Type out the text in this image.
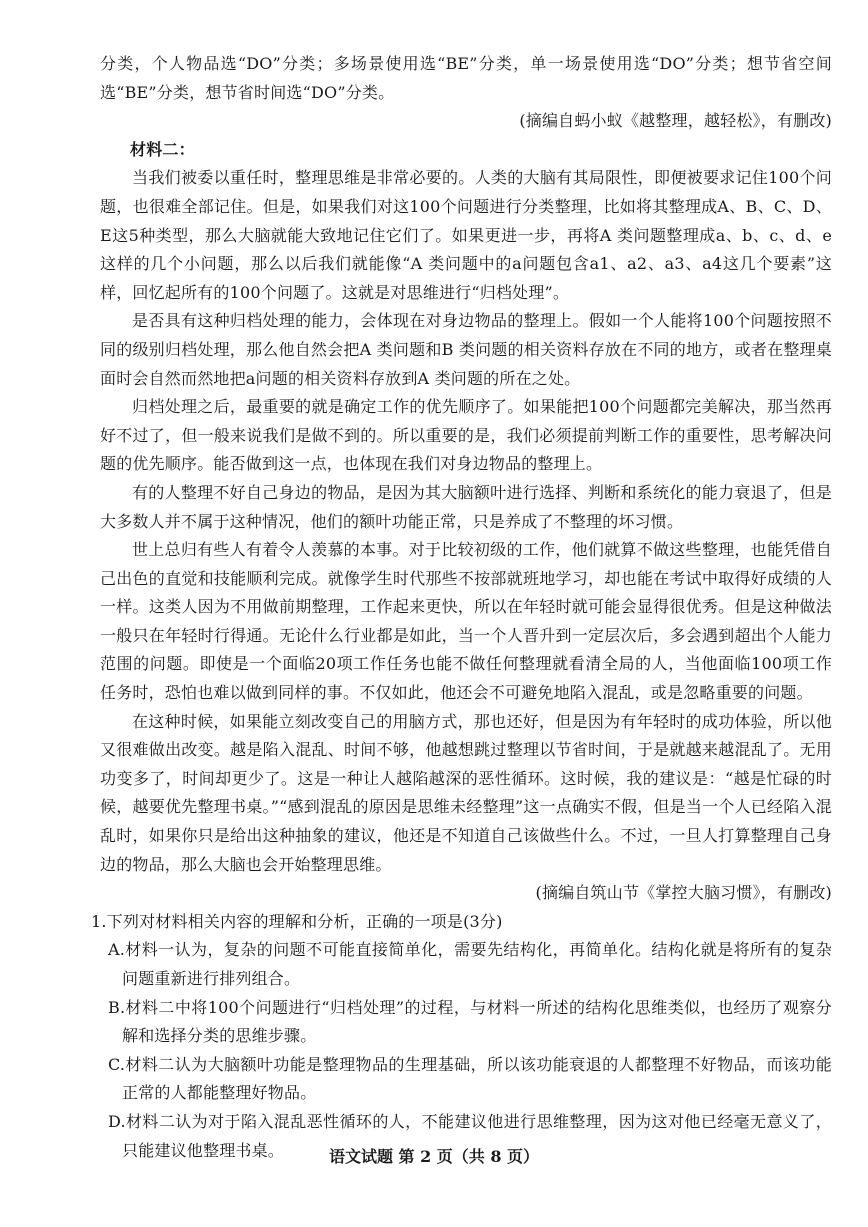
分类，个人物品选“DO”分类；多场景使用选“BE”分类，单一场景使用选“DO”分类；想节省空间选“BE”分类，想节省时间选“DO”分类。

(摘编自蚂小蚁《越整理，越轻松》，有删改)

材料二：

当我们被委以重任时，整理思维是非常必要的。人类的大脑有其局限性，即便被要求记住100个问题，也很难全部记住。但是，如果我们对这100个问题进行分类整理，比如将其整理成A、B、C、D、E这5种类型，那么大脑就能大致地记住它们了。如果更进一步，再将A 类问题整理成a、b、c、d、e这样的几个小问题，那么以后我们就能像“A 类问题中的a问题包含a1、a2、a3、a4这几个要素”这样，回忆起所有的100个问题了。这就是对思维进行“归档处理”。

是否具有这种归档处理的能力，会体现在对身边物品的整理上。假如一个人能将100个问题按照不同的级别归档处理，那么他自然会把A 类问题和B 类问题的相关资料存放在不同的地方，或者在整理桌面时会自然而然地把a问题的相关资料存放到A 类问题的所在之处。

归档处理之后，最重要的就是确定工作的优先顺序了。如果能把100个问题都完美解决，那当然再好不过了，但一般来说我们是做不到的。所以重要的是，我们必须提前判断工作的重要性，思考解决问题的优先顺序。能否做到这一点，也体现在我们对身边物品的整理上。

有的人整理不好自己身边的物品，是因为其大脑额叶进行选择、判断和系统化的能力衰退了，但是大多数人并不属于这种情况，他们的额叶功能正常，只是养成了不整理的坏习惯。

世上总归有些人有着令人羡慕的本事。对于比较初级的工作，他们就算不做这些整理，也能凭借自己出色的直觉和技能顺利完成。就像学生时代那些不按部就班地学习，却也能在考试中取得好成绩的人一样。这类人因为不用做前期整理，工作起来更快，所以在年轻时就可能会显得很优秀。但是这种做法一般只在年轻时行得通。无论什么行业都是如此，当一个人晋升到一定层次后，多会遇到超出个人能力范围的问题。即使是一个面临20项工作任务也能不做任何整理就看清全局的人，当他面临100项工作任务时，恐怕也难以做到同样的事。不仅如此，他还会不可避免地陷入混乱，或是忽略重要的问题。

在这种时候，如果能立刻改变自己的用脑方式，那也还好，但是因为有年轻时的成功体验，所以他又很难做出改变。越是陷入混乱、时间不够，他越想跳过整理以节省时间，于是就越来越混乱了。无用功变多了，时间却更少了。这是一种让人越陷越深的恶性循环。这时候，我的建议是：“越是忙碌的时候，越要优先整理书桌。”“感到混乱的原因是思维未经整理”这一点确实不假，但是当一个人已经陷入混乱时，如果你只是给出这种抽象的建议，他还是不知道自己该做些什么。不过，一旦人打算整理自己身边的物品，那么大脑也会开始整理思维。

(摘编自筑山节《掌控大脑习惯》，有删改)

1.下列对材料相关内容的理解和分析，正确的一项是(3分)

A.材料一认为，复杂的问题不可能直接简单化，需要先结构化，再简单化。结构化就是将所有的复杂问题重新进行排列组合。

B.材料二中将100个问题进行“归档处理”的过程，与材料一所述的结构化思维类似，也经历了观察分解和选择分类的思维步骤。

C.材料二认为大脑额叶功能是整理物品的生理基础，所以该功能衰退的人都整理不好物品，而该功能正常的人都能整理好物品。

D.材料二认为对于陷入混乱恶性循环的人，不能建议他进行思维整理，因为这对他已经毫无意义了，只能建议他整理书桌。	语文试题 第 2 页（共 8 页）
